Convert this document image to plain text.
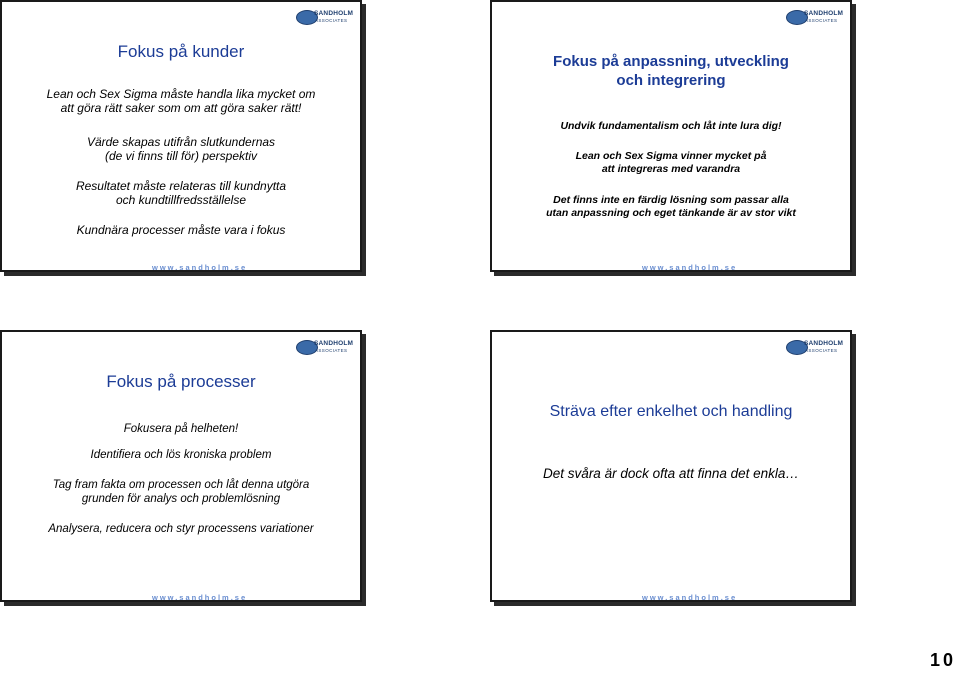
SANDHOLM
ASSOCIATES
Fokus på kunder
Lean och Sex Sigma måste handla lika mycket om
att göra rätt saker som om att göra saker rätt!
Värde skapas utifrån slutkundernas
(de vi finns till för) perspektiv
Resultatet måste relateras till kundnytta
och kundtillfredsställelse
Kundnära processer måste vara i fokus
www.sandholm.se
SANDHOLM
ASSOCIATES
Fokus på anpassning, utveckling
och integrering
Undvik fundamentalism och låt inte lura dig!
Lean och Sex Sigma vinner mycket på
att integreras med varandra
Det finns inte en färdig lösning som passar alla
utan anpassning och eget tänkande är av stor vikt
www.sandholm.se
SANDHOLM
ASSOCIATES
Fokus på processer
Fokusera på helheten!
Identifiera och lös kroniska problem
Tag fram fakta om processen och låt denna utgöra
grunden för analys och problemlösning
Analysera, reducera och styr processens variationer
www.sandholm.se
SANDHOLM
ASSOCIATES
Sträva efter enkelhet och handling
Det svåra är dock ofta att finna det enkla…
www.sandholm.se
10
